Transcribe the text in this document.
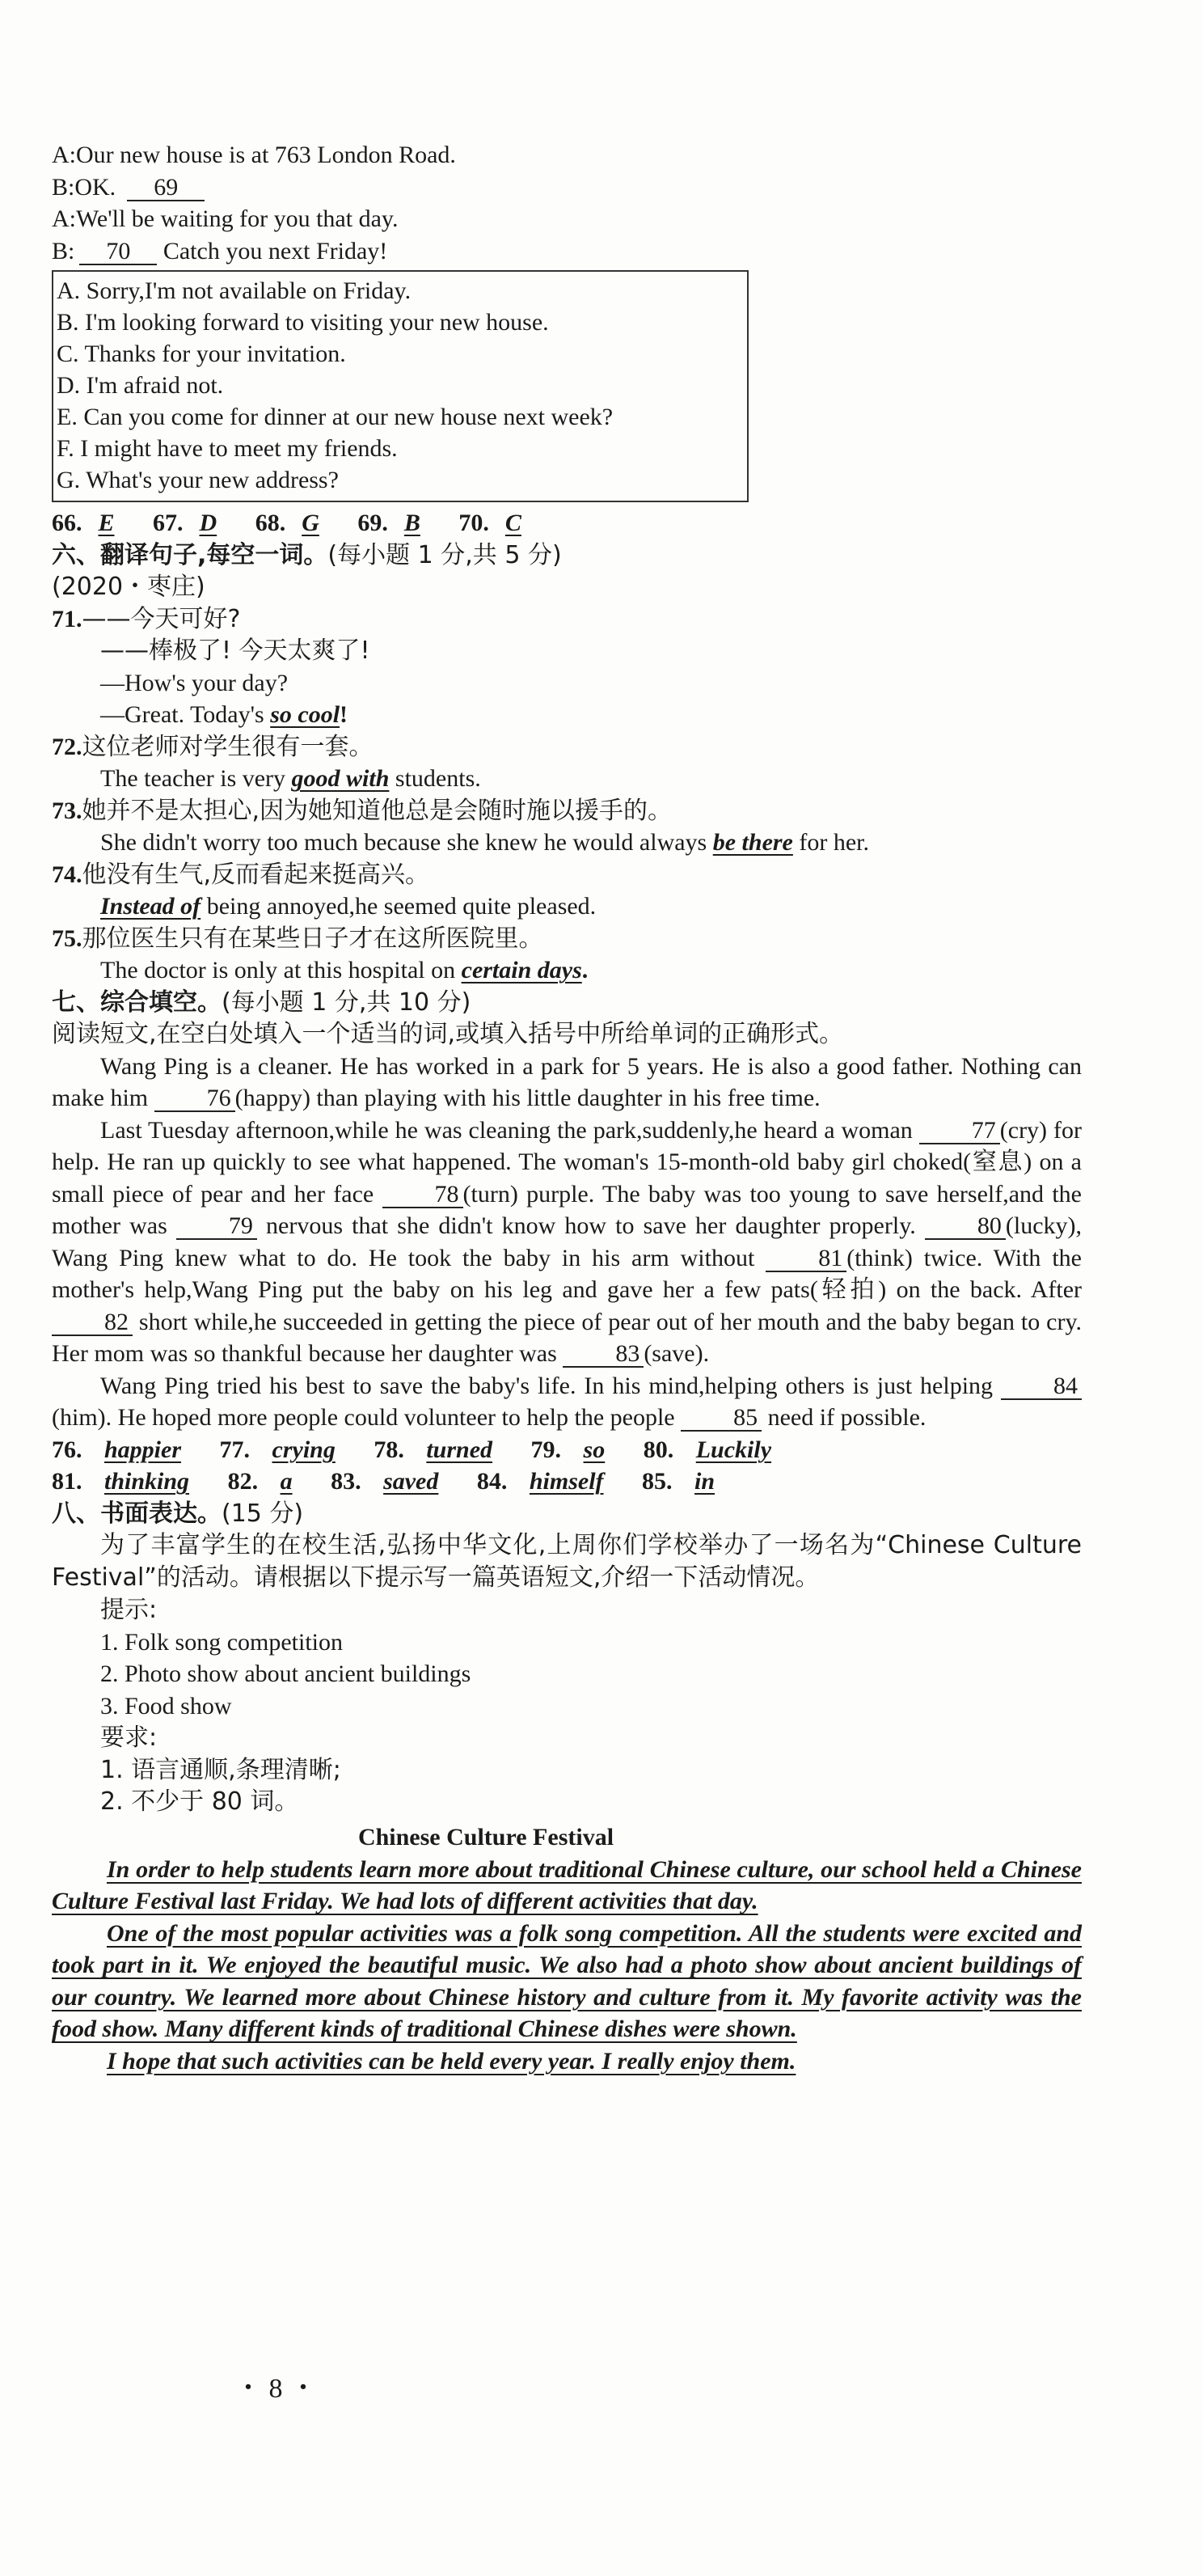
A:Our new house is at 763 London Road.
B:OK. 69
A:We'll be waiting for you that day.
B: 70 Catch you next Friday!
A. Sorry,I'm not available on Friday.
B. I'm looking forward to visiting your new house.
C. Thanks for your invitation.
D. I'm afraid not.
E. Can you come for dinner at our new house next week?
F. I might have to meet my friends.
G. What's your new address?
66. E 67. D 68. G 69. B 70. C
六、翻译句子,每空一词。(每小题 1 分,共 5 分)
(2020・枣庄)
71.——今天可好?
——棒极了! 今天太爽了!
—How's your day?
—Great. Today's so cool!
72.这位老师对学生很有一套。
The teacher is very good with students.
73.她并不是太担心,因为她知道他总是会随时施以援手的。
She didn't worry too much because she knew he would always be there for her.
74.他没有生气,反而看起来挺高兴。
Instead of being annoyed,he seemed quite pleased.
75.那位医生只有在某些日子才在这所医院里。
The doctor is only at this hospital on certain days.
七、综合填空。(每小题 1 分,共 10 分)
阅读短文,在空白处填入一个适当的词,或填入括号中所给单词的正确形式。
Wang Ping is a cleaner. He has worked in a park for 5 years. He is also a good father. Nothing can make him 76 (happy) than playing with his little daughter in his free time.
Last Tuesday afternoon,while he was cleaning the park,suddenly,he heard a woman 77 (cry) for help. He ran up quickly to see what happened. The woman's 15-month-old baby girl choked(窒息) on a small piece of pear and her face	78 (turn) purple. The baby was too young to save herself,and the mother was	79 nervous that she didn't know how to save her daughter properly.	80 (lucky), Wang Ping knew what to do. He took the baby in his arm without	81 (think) twice. With the mother's help,Wang Ping put the baby on his leg and gave her a few pats(轻拍) on the back. After 82 short while,he succeeded in getting the piece of pear out of her mouth and the baby began to cry. Her mom was so thankful because her daughter was 83 (save).
Wang Ping tried his best to save the baby's life. In his mind,helping others is just helping 84(him). He hoped more people could volunteer to help the people 85 need if possible.
76. happier 77. crying 78. turned 79. so 80. Luckily
81. thinking 82. a 83. saved 84. himself 85. in
八、书面表达。(15 分)
为了丰富学生的在校生活,弘扬中华文化,上周你们学校举办了一场名为“Chinese Culture Festival”的活动。请根据以下提示写一篇英语短文,介绍一下活动情况。
提示:
1. Folk song competition
2. Photo show about ancient buildings
3. Food show
要求:
1. 语言通顺,条理清晰;
2. 不少于 80 词。
Chinese Culture Festival
In order to help students learn more about traditional Chinese culture, our school held a Chinese Culture Festival last Friday. We had lots of different activities that day.
One of the most popular activities was a folk song competition. All the students were excited and took part in it. We enjoyed the beautiful music. We also had a photo show about ancient buildings of our country. We learned more about Chinese history and culture from it. My favorite activity was the food show. Many different kinds of traditional Chinese dishes were shown.
I hope that such activities can be held every year. I really enjoy them.
・ 8 ・
